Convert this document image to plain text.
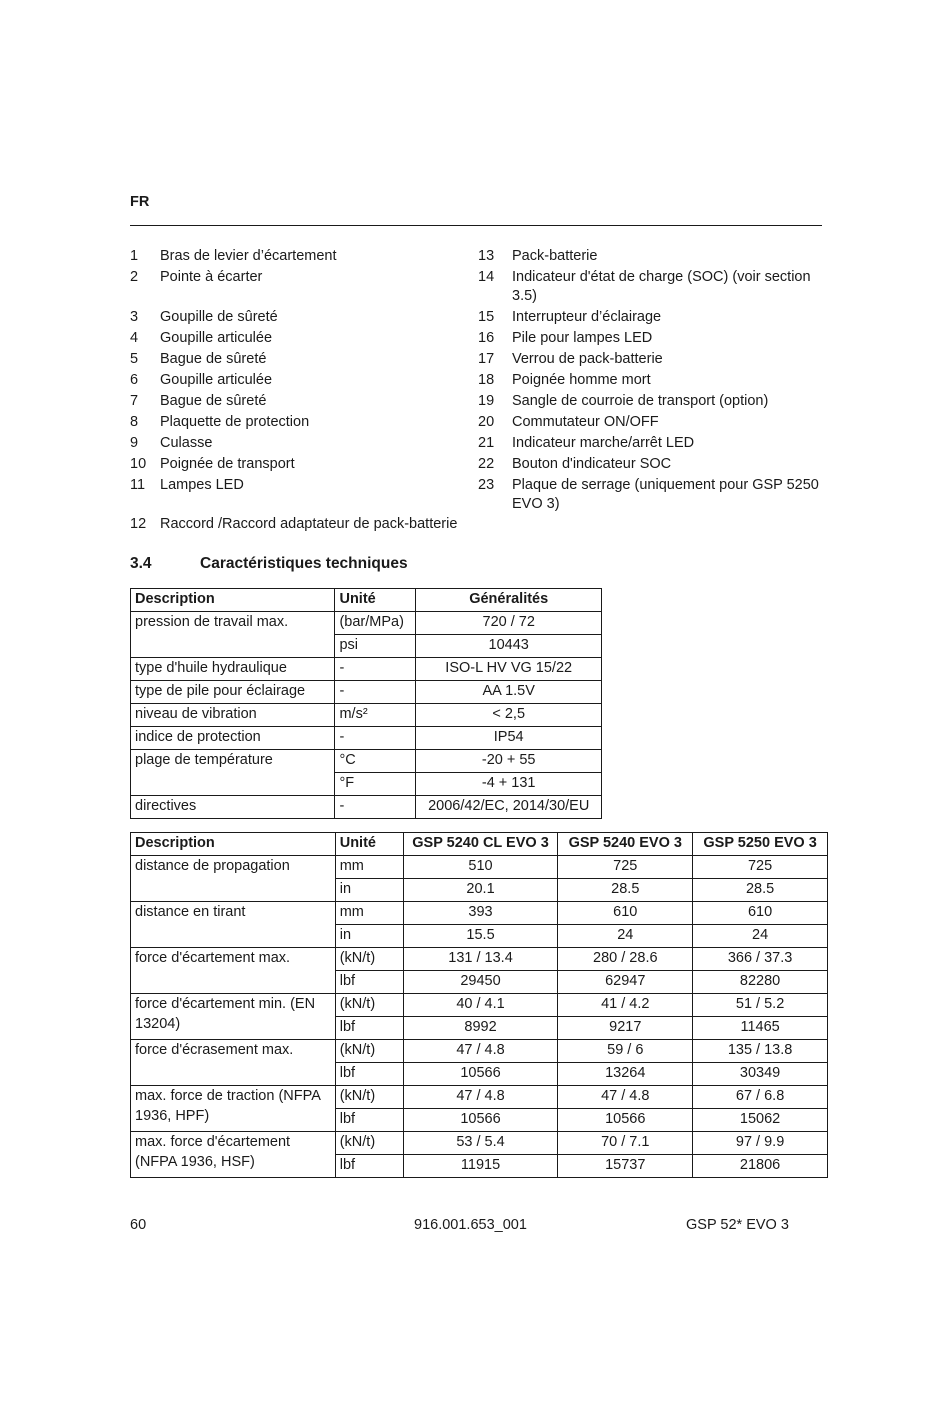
FR
1	Bras de levier d’écartement
2	Pointe à écarter
3	Goupille de sûreté
4	Goupille articulée
5	Bague de sûreté
6	Goupille articulée
7	Bague de sûreté
8	Plaquette de protection
9	Culasse
10 Poignée de transport
11	Lampes LED
13	Pack-batterie
14	Indicateur d'état de charge (SOC) (voir section 3.5)
15	Interrupteur d’éclairage
16	Pile pour lampes LED
17	Verrou de pack-batterie
18	Poignée homme mort
19	Sangle de courroie de transport (option)
20	Commutateur ON/OFF
21	Indicateur marche/arrêt LED
22	Bouton d'indicateur SOC
23	Plaque de serrage (uniquement pour GSP 5250 EVO 3)
12 Raccord /Raccord adaptateur de pack-batterie
3.4	Caractéristiques techniques
Description	Unité	Généralités
pression de travail max.	(bar/MPa)	720 / 72
	psi	10443
type d'huile hydraulique	-	ISO-L HV VG 15/22
type de pile pour éclairage	-	AA 1.5V
niveau de vibration	m/s²	< 2,5
indice de protection	-	IP54
plage de température	°C	-20 + 55
	°F	-4 + 131
directives	-	2006/42/EC, 2014/30/EU
Description	Unité	GSP 5240 CL EVO 3	GSP 5240 EVO 3	GSP 5250 EVO 3
distance de propagation	mm	510	725	725
	in	20.1	28.5	28.5
distance en tirant	mm	393	610	610
	in	15.5	24	24
force d'écartement max.	(kN/t)	131 / 13.4	280 / 28.6	366 / 37.3
	lbf	29450	62947	82280
force d'écartement min. (EN 13204)	(kN/t)	40 / 4.1	41 / 4.2	51 / 5.2
	lbf	8992	9217	11465
force d'écrasement max.	(kN/t)	47 / 4.8	59 / 6	135 / 13.8
	lbf	10566	13264	30349
max. force de traction (NFPA 1936, HPF)	(kN/t)	47 / 4.8	47 / 4.8	67 / 6.8
	lbf	10566	10566	15062
max. force d'écartement (NFPA 1936, HSF)	(kN/t)	53 / 5.4	70 / 7.1	97 / 9.9
	lbf	11915	15737	21806
60	916.001.653_001	GSP 52* EVO 3
